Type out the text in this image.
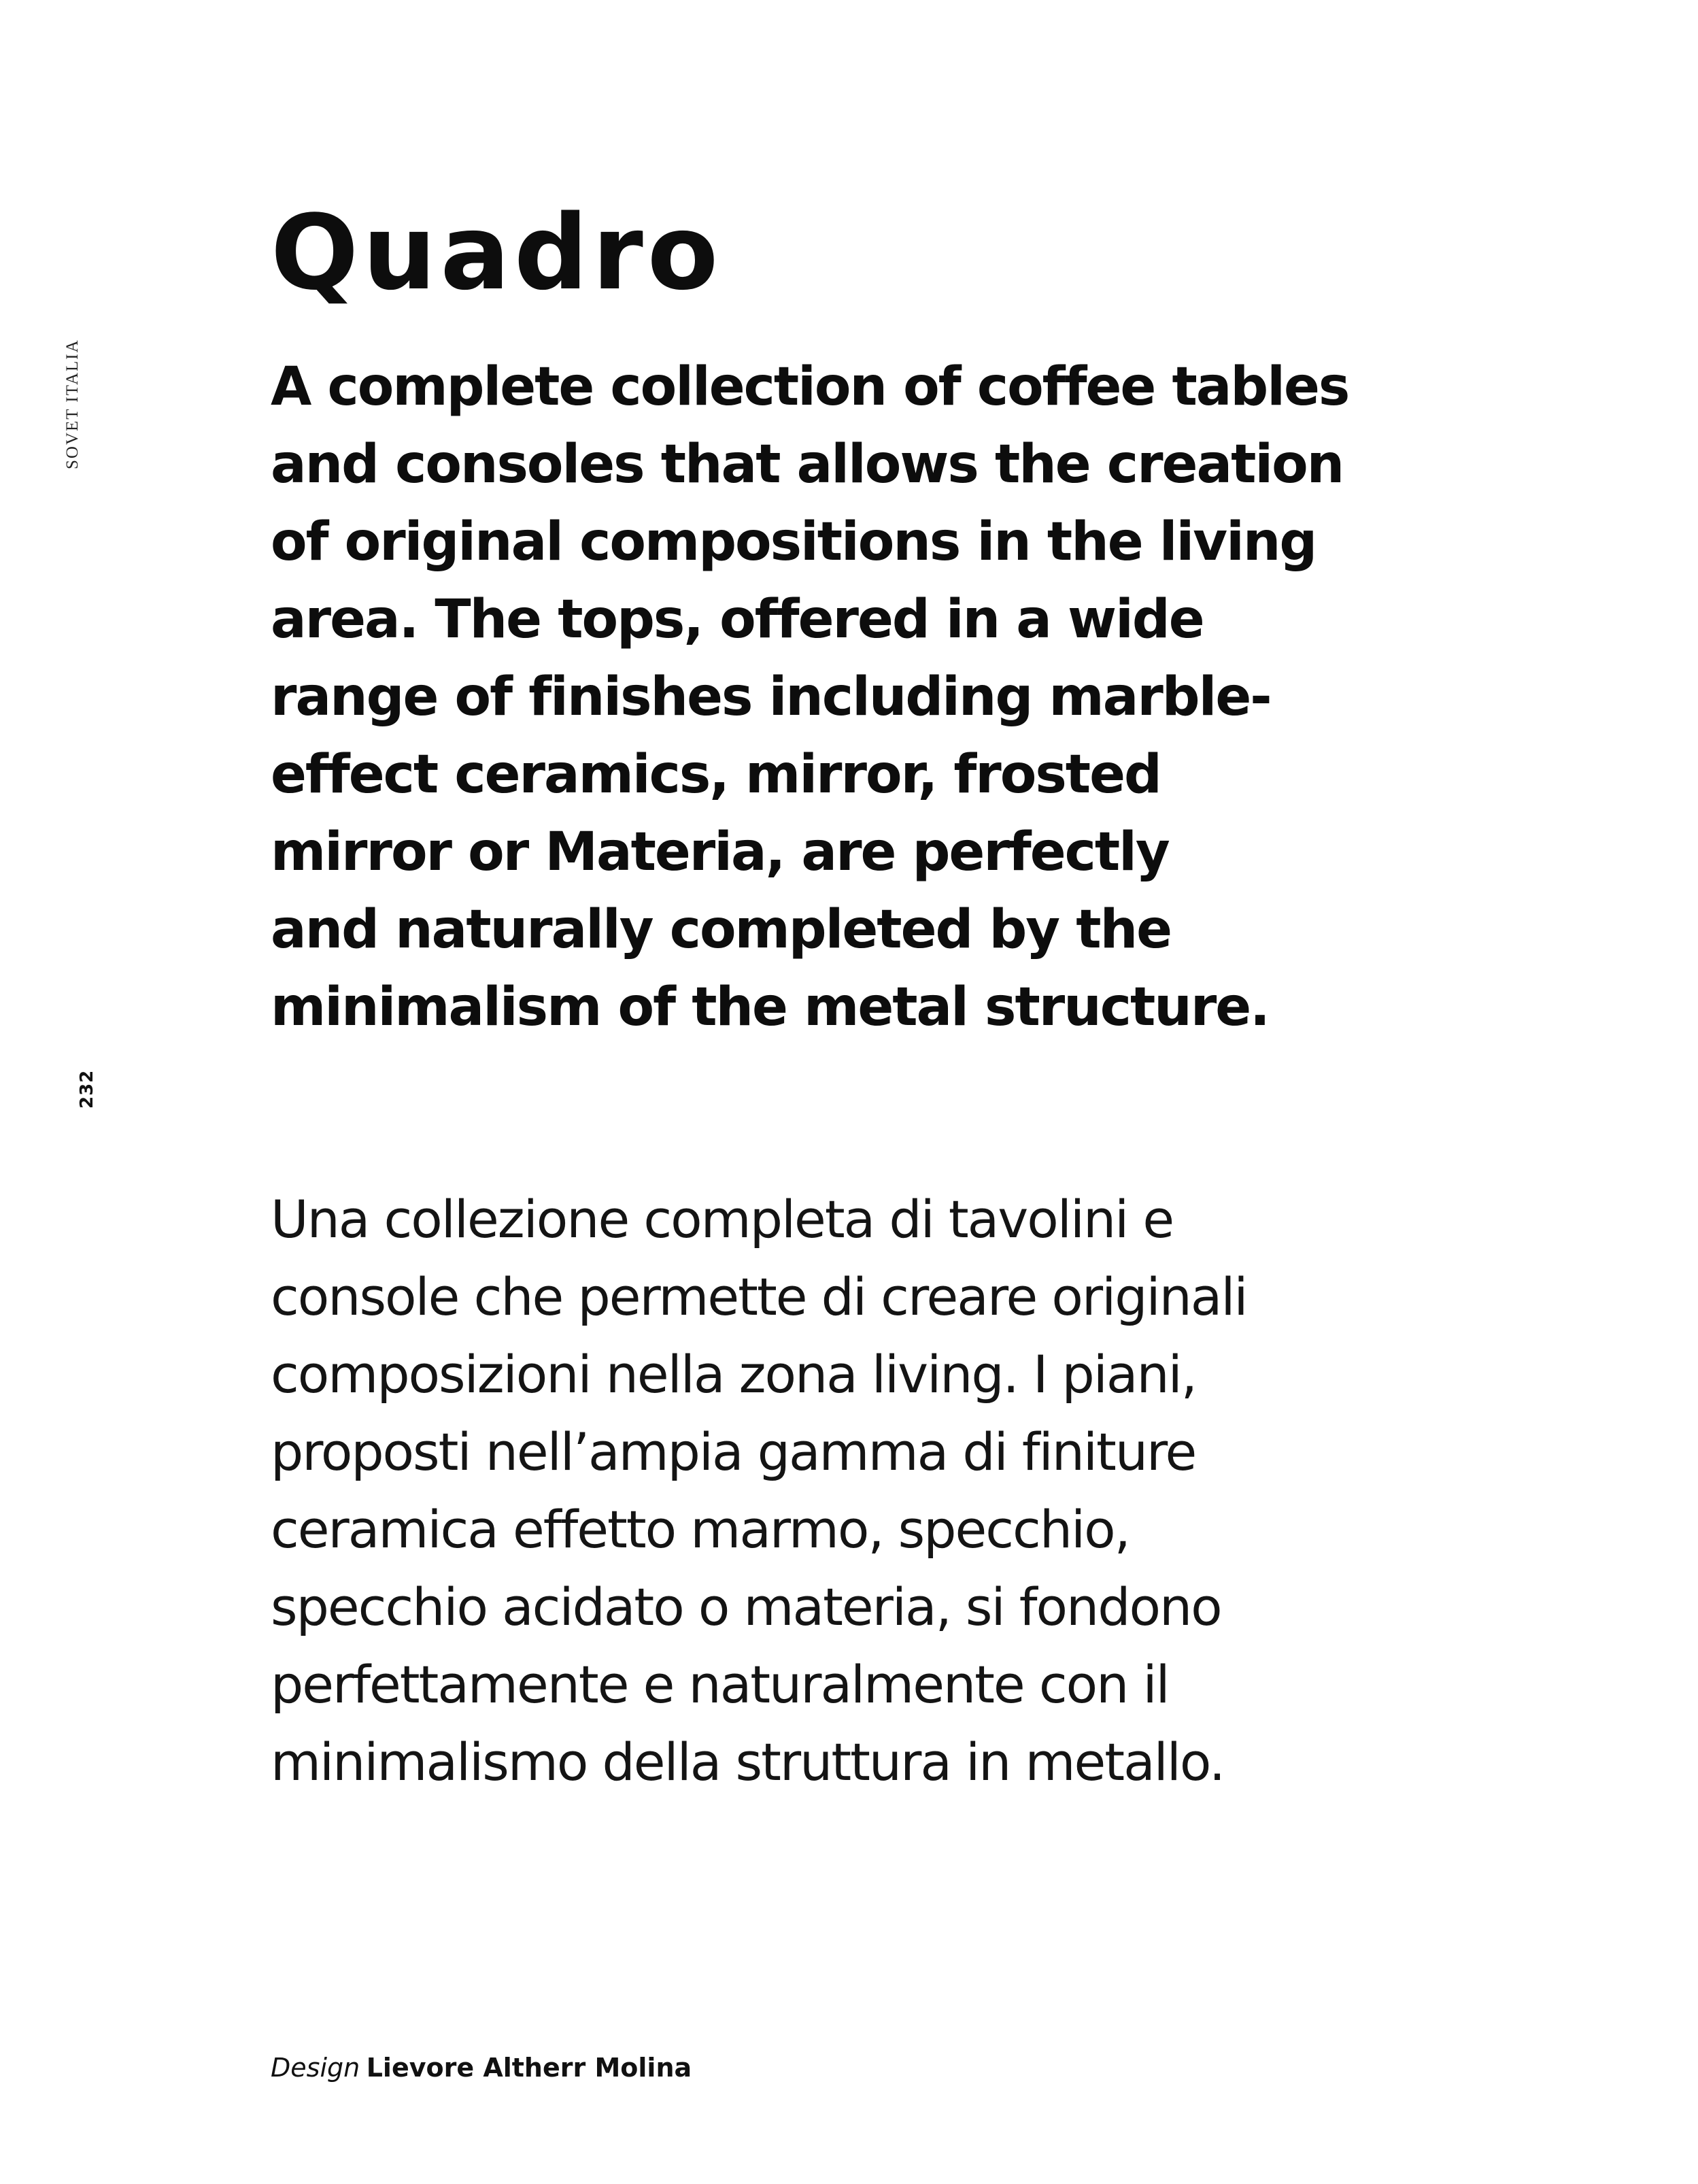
SOVET ITALIA
232
Quadro

A complete collection of coffee tables
and consoles that allows the creation
of original compositions in the living
area. The tops, offered in a wide
range of finishes including marble-
effect ceramics, mirror, frosted
mirror or Materia, are perfectly
and naturally completed by the
minimalism of the metal structure.

Una collezione completa di tavolini e
console che permette di creare originali
composizioni nella zona living. I piani,
proposti nell’ampia gamma di finiture
ceramica effetto marmo, specchio,
specchio acidato o materia, si fondono
perfettamente e naturalmente con il
minimalismo della struttura in metallo.

Design Lievore Altherr Molina
